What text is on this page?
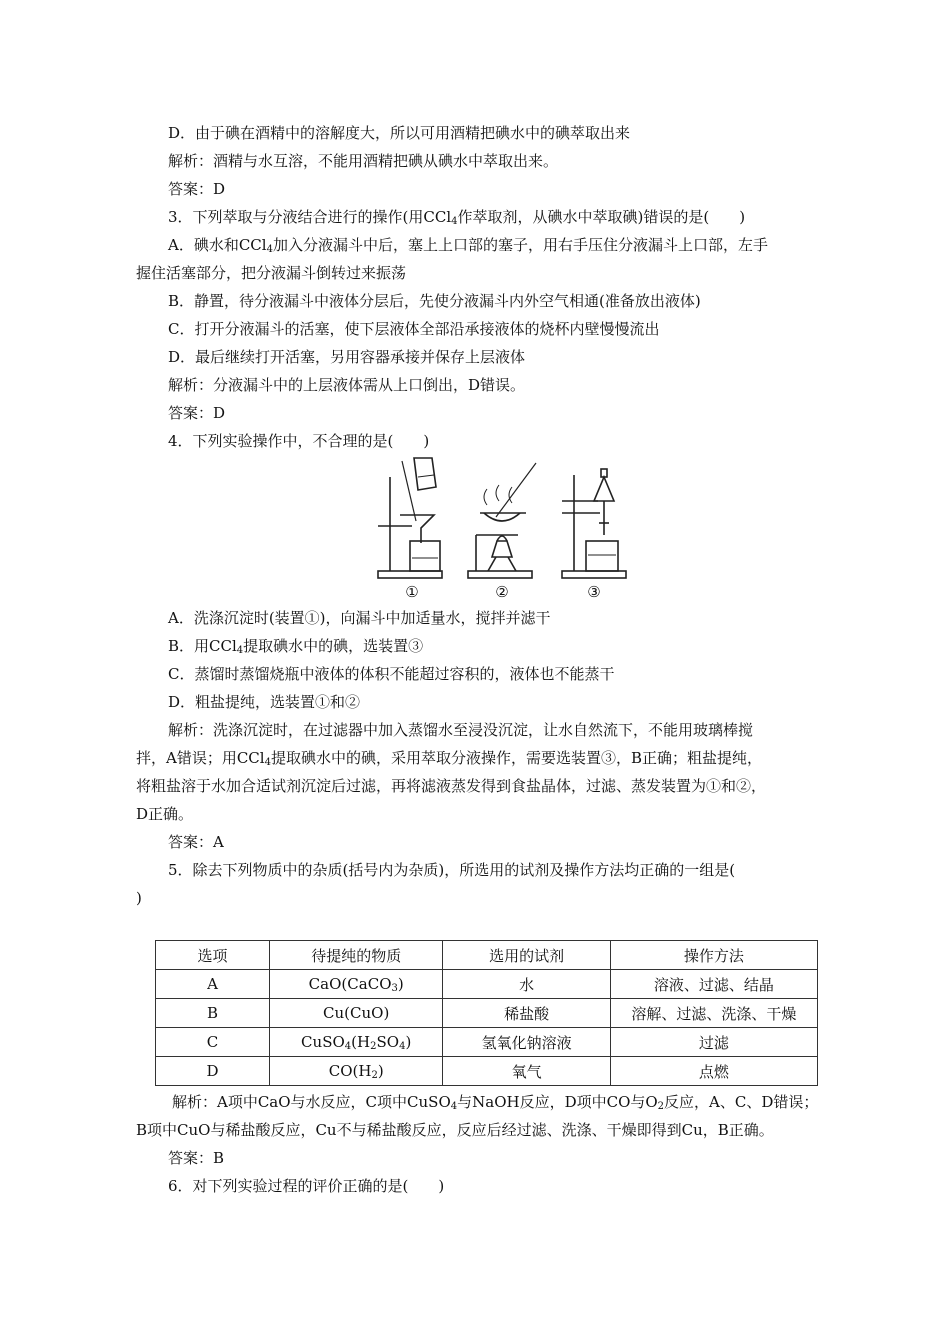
D．由于碘在酒精中的溶解度大，所以可用酒精把碘水中的碘萃取出来
解析：酒精与水互溶，不能用酒精把碘从碘水中萃取出来。
答案：D
3．下列萃取与分液结合进行的操作(用CCl$_4$作萃取剂，从碘水中萃取碘)错误的是(　　)
A．碘水和CCl$_4$加入分液漏斗中后，塞上上口部的塞子，用右手压住分液漏斗上口部，左手
握住活塞部分，把分液漏斗倒转过来振荡
B．静置，待分液漏斗中液体分层后，先使分液漏斗内外空气相通(准备放出液体)
C．打开分液漏斗的活塞，使下层液体全部沿承接液体的烧杯内壁慢慢流出
D．最后继续打开活塞，另用容器承接并保存上层液体
解析：分液漏斗中的上层液体需从上口倒出，D错误。
答案：D
4．下列实验操作中，不合理的是(　　)
①	②	③
A．洗涤沉淀时(装置①)，向漏斗中加适量水，搅拌并滤干
B．用CCl$_4$提取碘水中的碘，选装置③
C．蒸馏时蒸馏烧瓶中液体的体积不能超过容积的，液体也不能蒸干
D．粗盐提纯，选装置①和②
解析：洗涤沉淀时，在过滤器中加入蒸馏水至浸没沉淀，让水自然流下，不能用玻璃棒搅
拌，A错误；用CCl$_4$提取碘水中的碘，采用萃取分液操作，需要选装置③，B正确；粗盐提纯，
将粗盐溶于水加合适试剂沉淀后过滤，再将滤液蒸发得到食盐晶体，过滤、蒸发装置为①和②，
D正确。
答案：A
5．除去下列物质中的杂质(括号内为杂质)，所选用的试剂及操作方法均正确的一组是(
)
选项	待提纯的物质	选用的试剂	操作方法
A	CaO(CaCO$_3$)	水	溶液、过滤、结晶
B	Cu(CuO)	稀盐酸	溶解、过滤、洗涤、干燥
C	$CuSO_4(H_2SO_4)$	氢氧化钠溶液	过滤
D	$CO(H_2)$	氧气	点燃
解析：A项中CaO与水反应，C项中CuSO$_4$与NaOH反应，D项中CO与$O_2$反应，A、C、D错误；
B项中CuO与稀盐酸反应，Cu不与稀盐酸反应，反应后经过滤、洗涤、干燥即得到Cu，B正确。
答案：B
6．对下列实验过程的评价正确的是(　　)
